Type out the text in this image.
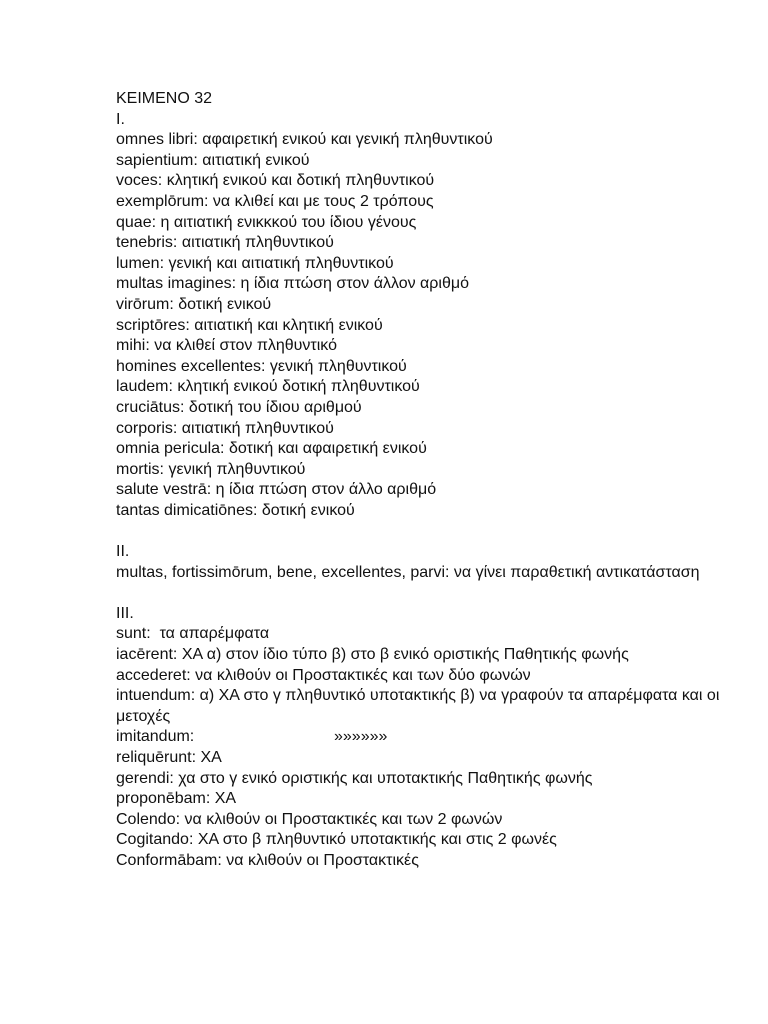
ΚΕΙΜΕΝΟ 32
I.
omnes libri: αφαιρετική ενικού και γενική πληθυντικού
sapientium: αιτιατική ενικού
voces: κλητική ενικού και δοτική πληθυντικού
exemplōrum: να κλιθεί και με τους 2 τρόπους
quae: η αιτιατική ενικκκού του ίδιου γένους
tenebris: αιτιατική πληθυντικού
lumen: γενική και αιτιατική πληθυντικού
multas imagines: η ίδια πτώση στον άλλον αριθμό
virōrum: δοτική ενικού
scriptōres: αιτιατική και κλητική ενικού
mihi: να κλιθεί στον πληθυντικό
homines excellentes: γενική πληθυντικού
laudem: κλητική ενικού δοτική πληθυντικού
cruciātus: δοτική του ίδιου αριθμού
corporis: αιτιατική πληθυντικού
omnia pericula: δοτική και αφαιρετική ενικού
mortis: γενική πληθυντικού
salute vestrā: η ίδια πτώση στον άλλο αριθμό
tantas dimicatiōnes: δοτική ενικού
II.
multas, fortissimōrum, bene, excellentes, parvi: να γίνει παραθετική αντικατάσταση
III.
sunt:  τα απαρέμφατα
iacērent: ΧΑ α) στον ίδιο τύπο β) στο β ενικό οριστικής Παθητικής φωνής
accederet: να κλιθούν οι Προστακτικές και των δύο φωνών
intuendum: α) ΧΑ στο γ πληθυντικό υποτακτικής β) να γραφούν τα απαρέμφατα και οι μετοχές
imitandum:	»»»»»»
reliquērunt: ΧΑ
gerendi: χα στο γ ενικό οριστικής και υποτακτικής Παθητικής φωνής
proponēbam: ΧΑ
Colendo: να κλιθούν οι Προστακτικές και των 2 φωνών
Cogitando: ΧΑ στο β πληθυντικό υποτακτικής και στις 2 φωνές
Conformābam: να κλιθούν οι Προστακτικές
